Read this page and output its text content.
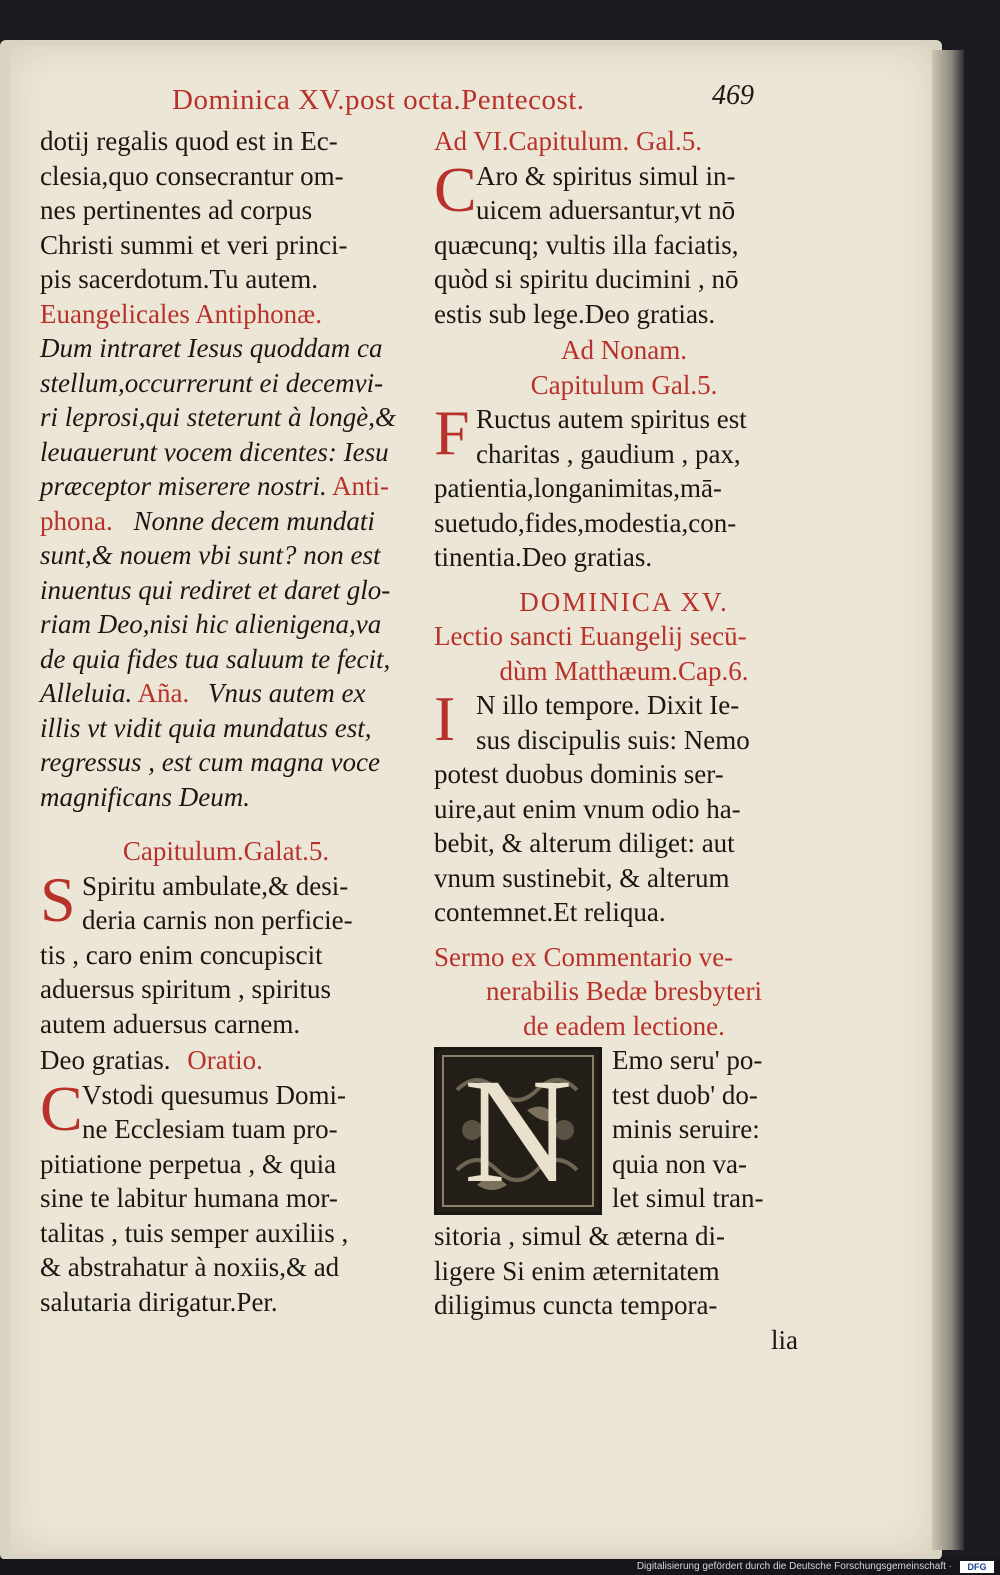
Dominica XV.post octa.Pentecost.	469
dotij regalis quod est in Ec-
clesia,quo consecrantur om-
nes pertinentes ad corpus
Christi summi et veri princi-
pis sacerdotum.Tu autem.
Euangelicales Antiphonæ.
Dum intraret Iesus quoddam ca
stellum,occurrerunt ei decemvi-
ri leprosi,qui steterunt à longè,&
leuauerunt vocem dicentes: Iesu
præceptor miserere nostri. Anti-
phona. Nonne decem mundati
sunt,& nouem vbi sunt? non est
inuentus qui rediret et daret glo-
riam Deo,nisi hic alienigena,va
de quia fides tua saluum te fecit,
Alleluia. Aña. Vnus autem ex
illis vt vidit quia mundatus est,
regressus , est cum magna voce
magnificans Deum.
Capitulum.Galat.5.
S Spiritu ambulate,& desi-
deria carnis non perficie-
tis , caro enim concupiscit
aduersus spiritum , spiritus
autem aduersus carnem.
Deo gratias. Oratio.
C Vstodi quesumus Domi-
ne Ecclesiam tuam pro-
pitiatione perpetua , & quia
sine te labitur humana mor-
talitas , tuis semper auxiliis ,
& abstrahatur à noxiis,& ad
salutaria dirigatur.Per.
Ad VI.Capitulum. Gal.5.
C Aro & spiritus simul in-
uicem aduersantur,vt nō
quæcunq; vultis illa faciatis,
quòd si spiritu ducimini , nō
estis sub lege.Deo gratias.
Ad Nonam.
Capitulum Gal.5.
F Ructus autem spiritus est
charitas , gaudium , pax,
patientia,longanimitas,mā-
suetudo,fides,modestia,con-
tinentia.Deo gratias.
DOMINICA XV.
Lectio sancti Euangelij secū-
dùm Matthæum.Cap.6.
I N illo tempore. Dixit Ie-
sus discipulis suis: Nemo
potest duobus dominis ser-
uire,aut enim vnum odio ha-
bebit, & alterum diliget: aut
vnum sustinebit, & alterum
contemnet.Et reliqua.
Sermo ex Commentario ve-
nerabilis Bedæ bresbyteri
de eadem lectione.
N	Emo seru' po-
test duob' do-
minis seruire:
quia non va-
let simul tran-
sitoria , simul & æterna di-
ligere Si enim æternitatem
diligimus cuncta tempora-
lia
Digitalisierung gefördert durch die Deutsche Forschungsgemeinschaft ·	DFG
